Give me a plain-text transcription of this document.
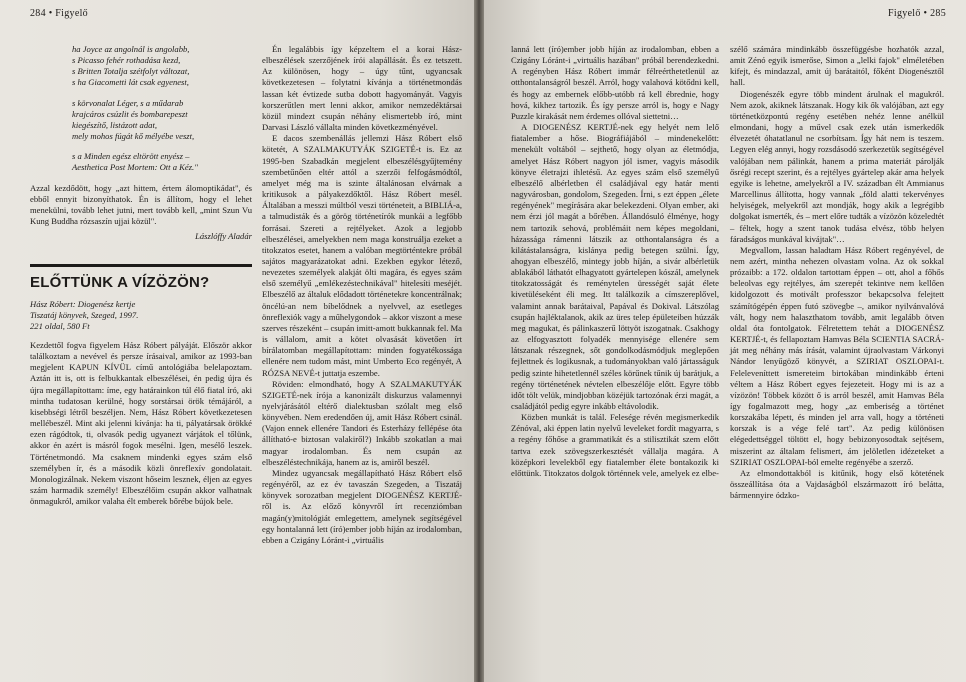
284 • Figyelő
ha Joyce az angolnál is angolabb,
s Picasso fehér rothadása kezd,
s Britten Totalja szétfolyt változat,
s ha Giacometti lát csak egyenest,
s körvonalat Léger, s a műdarab
krajcáros csúzlit és bombarepeszt
kiegészítő, listázott adat,
mely mohos fúgát kő mélyébe veszt,
s a Minden egész eltörött enyész –
Aesthetica Post Mortem: Ott a Kéz."

Azzal kezdődött, hogy „azt hittem, értem álomoptikádat", és ebből ennyit bizonyíthatok. Én is állítom, hogy el lehet menekülni, tovább lehet jutni, mert tovább kell, „mint Szun Vu Kung Buddha rózsaszín ujjai közül".

László⁠ffy Aladár
ELŐTTÜNK A VÍZÖZÖN?
Hász Róbert: Diogenész kertje
Tiszatáj könyvek, Szeged, 1997.
221 oldal, 580 Ft

Kezdettől fogva figyelem Hász Róbert pályáját. Először akkor találkoztam a nevével és persze írásaival, amikor az 1993-ban megjelent KAPUN KÍVÜL című antológiába belelapoztam. Aztán itt is, ott is felbukkantak elbeszélései, én pedig újra és újra megállapítottam: íme, egy határainkon túl élő fiatal író, aki mintha tudatosan kerülné, hogy sorstársai örök témájáról, a kisebbségi létről beszéljen. Nem, Hász Róbert következetesen mellébeszél. Mint aki jelenni kívánja: ha ti, pályatársak örökké ezen rágódtok, ti, olvasók pedig ugyanezt várjátok el tőlünk, akkor én azért is másról fogok mesélni. Igen, mesélő leszek. Történetmondó. Ma csaknem mindenki egyes szám első személyben ír, és a második közli önreflexív gondolatait. Monologizálnak. Nekem viszont hőseim lesznek, éljen az egyes szám harmadik személy! Elbeszélőim csupán akkor valhatnak önmagukról, amikor valaha élt emberek bőrébe bújok bele.

Én legalábbis így képzeltem el a korai Hász-elbeszélések szerzőjének írói alapállását. És ez tetszett. Az különösen, hogy – úgy tűnt, ugyancsak következetesen – folytatni kívánja a történetmondás lassan két évtizede sutba dobott hagyományát. Vagyis korszerűtlen mert lenni akkor, amikor nemzedéktársai közül mindezt csupán néhány elismertebb író, mint Darvasi László vállalta minden következményével.

E dacos szembenállás jellemzi Hász Róbert első kötetét, A SZALMAKUTYÁK SZIGETÉ-t is. Ez az 1995-ben Szabadkán megjelent elbeszélésgyűjtemény szembetűnően eltér attól a szerzői felfogásmódtól, amelyet még ma is szinte általánosan elvárnak a kritikusok a pályakezdőktől. Hász Róbert mesél. Általában a messzi múltból veszi történeteit, a BIBLIÁ-a, a talmudisták és a görög történetírók munkái a legfőbb forrásai. Szereti a rejtélyeket. Azok a legjobb elbeszélései, amelyekben nem maga konstruálja ezeket a titokzatos esetet, hanem a valóban megtörténtekre próbál sajátos magyarázatokat adni. Ezekben egykor létező, nevezetes személyek alakját ölti magára, és egyes szám első személyű „emlékezéstechnikával" hitelesíti meséjét. Elbeszélő az általuk elődadott történetekre koncentrálnak; öncélú-an nem bíbelődnek a nyelvvel, az esetleges önreflexiók vagy a műhelygondok – akkor viszont a mese szerves részeként – csupán imitt-amott bukkannak fel. Ma is vállalom, amit a kötet olvasását követően írt bírálatomban megállapítottam: minden fogyatékossága ellenére nem tudom mást, mint Umberto Eco regényét, A RÓZSA NEVÉ-t juttatja eszembe.

Röviden: elmondható, hogy A SZALMAKUTYÁK SZIGETÉ-nek írója a kanonizált diskurzus valamennyi nyelvjárásától eltérő dialektusban szólalt meg első könyvében. Nem eredendően új, amit Hász Róbert csinál. (Vajon ennek ellenére Tandori és Esterházy fellépése óta állítható-e biztosan valakiről?) Inkább szokatlan a mai magyar irodalomban. És nem csupán az elbeszéléstechnikája, hanem az is, amiről beszél.

Mindez ugyancsak megállapítható Hász Róbert első regényéről, az ez év tavaszán Szegeden, a Tiszatáj könyvek sorozatban megjelent DIOGENÉSZ KERTJÉ-ről is. Az előző könyvről írt recenziómban magán(y)mitológiát emlegettem, amelynek segítségével egy hontalanná lett (író)ember jobb híján az irodalomban, ebben a Czigány Lóránt-i „virtuális

Figyelő • 285

lanná lett (író)ember jobb híján az irodalomban, ebben a Czigány Lóránt-i „virtuális hazában" próbál berendezkedni. A regényben Hász Róbert immár félreérthetetlenül az otthontalanságról beszél. Arról, hogy valahová kötődni kell, és hogy az embernek előbb-utóbb rá kell ébrednie, hogy hová, kikhez tartozik. És így persze arról is, hogy e Nagy Puzzle kirakását nem érdemes ollóval siettetni…

A DIOGENÉSZ KERTJÉ-nek egy helyét nem lelő fiatalember a hőse. Biográfiájából – mindenekelőtt: menekült voltából – sejthető, hogy olyan az életmódja, amelyet Hász Róbert nagyon jól ismer, vagyis második könyve életrajzi ihletésű. Az egyes szám első személyű elbeszélő albérletben él családjával egy határ menti nagyvárosban, gondolom, Szegeden. Írni, s ezt éppen „élete regényének" megírására akar belekezdeni. Olyan ember, aki nem érzi jól magát a bőrében. Állandósuló élménye, hogy nem tartozik sehová, problémáit nem képes megoldani, házassága rámenni látszik az otthontalanságra és a kilátástalanságra, kislánya pedig betegen szülni. Így, ahogyan elbeszélő, mintegy jobb híján, a sivár albérletük ablakából láthatót elhagyatott gyártelepen kószál, amelynek titokzatosságát és reménytelen ürességét saját élete kivetüléseként éli meg. Itt találkozik a címszereplővel, valamint annak barátaival, Papával és Dokival. Látszólag csupán hajléktalanok, akik az üres telep épületeiben húzzák meg magukat, és pálinkaszerű löttyöt iszogatnak. Csakhogy az elfogyasztott folyadék mennyisége ellenére sem látszanak részegnek, sőt gondolkodásmódjuk meglepően fejlettnek és logikusnak, a tudományokban való jártasságuk pedig szinte hihetetlennél széles körűnek tűnik új barátjuk, a regény történetének névtelen elbeszélője előtt. Egyre több időt tölt velük, mindjobban közéjük tartozónak érzi magát, a családjától pedig egyre inkább eltávolodik.

Közben munkát is talál. Felesége révén megismerkedik Zénóval, aki éppen latin nyelvű leveleket fordít magyarra, s a regény főhőse a grammatikát és a stilisztikát szem előtt tartva ezek szövegszerkesztését vállalja magára. A középkori levelekből egy fiatalember élete bontakozik ki előttünk. Titokzatos dolgok történnek vele, amelyek ez elbe-

szélő számára mindinkább összefüggésbe hozhatók azzal, amit Zénó egyik ismerőse, Simon a „lelki fajok" elméletében kifejt, és mindazzal, amit új barátaitól, főként Diogenésztől hall.

Diogenészék egyre több mindent árulnak el magukról. Nem azok, akiknek látszanak. Hogy kik ők valójában, azt egy történetközpontú regény esetében nehéz lenne anélkül elmondani, hogy a művel csak ezek után ismerkedők élvezetét óhatatlanul ne csorbítsam. Így hát nem is teszem. Legyen elég annyi, hogy rozsdásodó szerkezetük segítségével valójában nem pálinkát, hanem a prima materiát párolják ősrégi recept szerint, és a rejtélyes gyártelep akár ama helyek egyike is lehetne, amelyekről a IV. században élt Ammianus Marcellinus állította, hogy vannak „föld alatti tekervényes helyiségek, melyekről azt mondják, hogy akik a legrégibb dolgokat ismerték, és – mert előre tudták a vízözön közeledtét – féltek, hogy a szent tanok tudása elvész, több helyen fáradságos munkával kivájtak"…

Megvallom, lassan haladtam Hász Róbert regényével, de nem azért, mintha nehezen olvastam volna. Az ok sokkal prózaibb: a 172. oldalon tartottam éppen – ott, ahol a főhős beleolvas egy rejtélyes, ám szerepét tekintve nem kellően kidolgozott és motivált professzor bekapcsolva felejtett számítógépén éppen futó szövegbe –, amikor nyilvánvalóvá vált, hogy nem halaszthatom tovább, amit legalább ötven oldal óta fontolgatok. Félretettem tehát a DIOGENÉSZ KERTJÉ-t, és fellapoztam Hamvas Béla SCIENTIA SACRÁ-ját meg néhány más írását, valamint újraolvastam Várkonyi Nándor lenyűgöző könyvét, a SZIRIAT OSZLOPAI-t. Feleleveníttett ismereteim birtokában mindinkább érteni véltem a Hász Róbert egyes fejezeteit. Hogy mi is az a vízözön! Többek között ő is arról beszél, amit Hamvas Béla így fogalmazott meg, hogy „az emberiség a történet korszakába lépett, és minden jel arra vall, hogy a történeti korszak is a vége felé tart". Az pedig különösen elégedettséggel töltött el, hogy bebizonyosodtak sejtésem, miszerint az általam felismert, ám jelöletlen idézeteket a SZIRIAT OSZLOPAI-ból emelte regényébe a szerző.

Az elmondottakból is kitűnik, hogy első kötetének összeállítása óta a Vajdaságból elszármazott író belátta, bármennyire ódzko-
